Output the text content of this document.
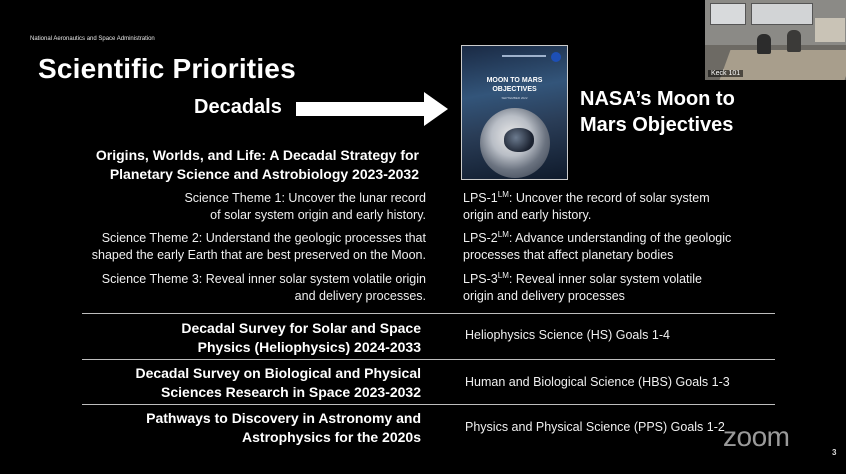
National Aeronautics and Space Administration
Scientific Priorities
Decadals
MOON TO MARS
OBJECTIVES
SEPTEMBER 2022	NASA’s Moon to
Mars Objectives
Origins, Worlds, and Life: A Decadal Strategy for
Planetary Science and Astrobiology 2023-2032
Science Theme 1: Uncover the lunar record
of solar system origin and early history.
Science Theme 2: Understand the geologic processes that
shaped the early Earth that are best preserved on the Moon.
Science Theme 3: Reveal inner solar system volatile origin
and delivery processes.
LPS-$1^{LM}$: Uncover the record of solar system
origin and early history.
LPS-$2^{LM}$: Advance understanding of the geologic
processes that affect planetary bodies
LPS-$3^{LM}$: Reveal inner solar system volatile
origin and delivery processes
Decadal Survey for Solar and Space
Physics (Heliophysics) 2024-2033
Heliophysics Science (HS) Goals 1-4
Decadal Survey on Biological and Physical
Sciences Research in Space 2023-2032
Human and Biological Science (HBS) Goals 1-3
Pathways to Discovery in Astronomy and
Astrophysics for the 2020s
Physics and Physical Science (PPS) Goals 1-2
Keck 101
zoom
3
